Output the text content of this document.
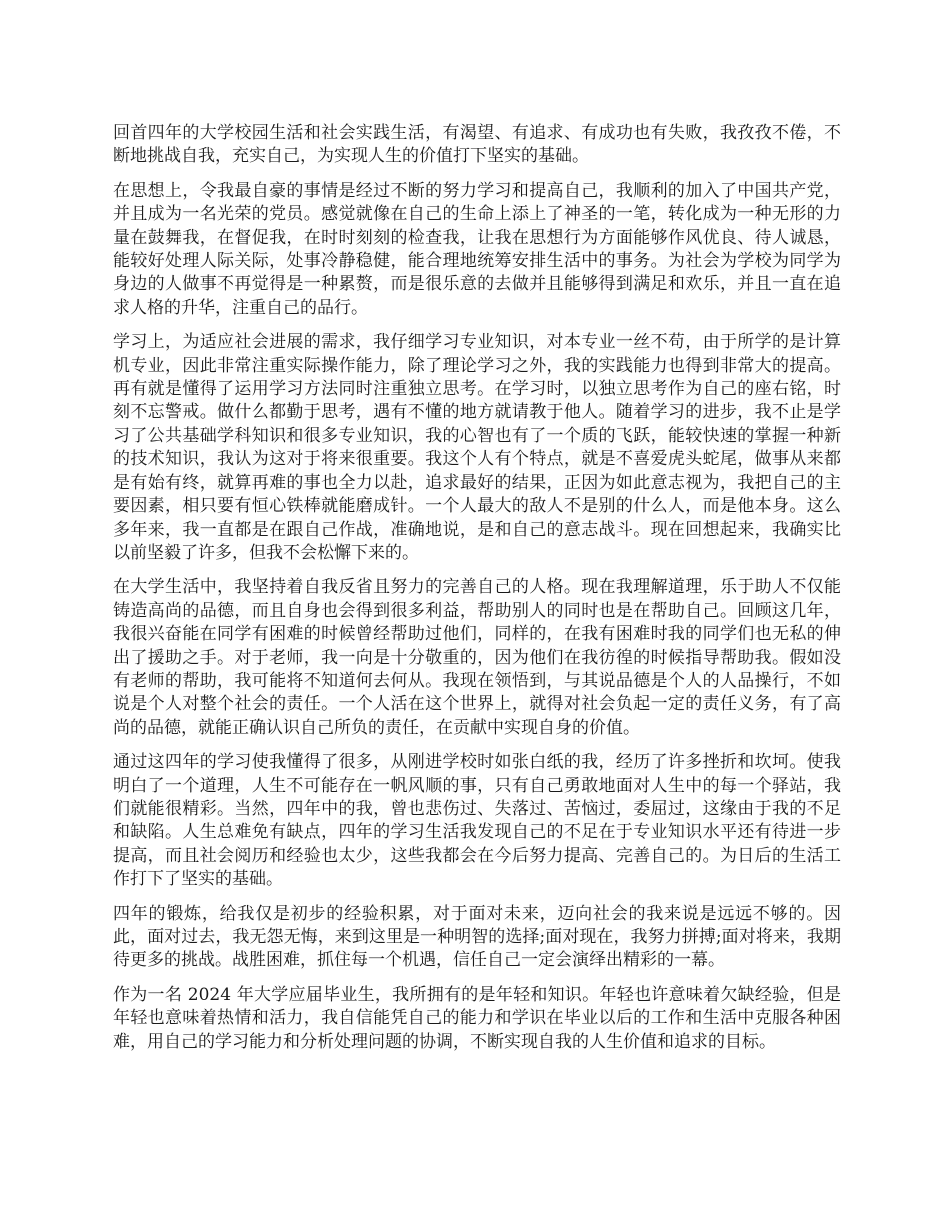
回首四年的大学校园生活和社会实践生活，有渴望、有追求、有成功也有失败，我孜孜不倦，不断地挑战自我，充实自己，为实现人生的价值打下坚实的基础。

在思想上，令我最自豪的事情是经过不断的努力学习和提高自己，我顺利的加入了中国共产党，并且成为一名光荣的党员。感觉就像在自己的生命上添上了神圣的一笔，转化成为一种无形的力量在鼓舞我，在督促我，在时时刻刻的检查我，让我在思想行为方面能够作风优良、待人诚恳，能较好处理人际关际，处事冷静稳健，能合理地统筹安排生活中的事务。为社会为学校为同学为身边的人做事不再觉得是一种累赘，而是很乐意的去做并且能够得到满足和欢乐，并且一直在追求人格的升华，注重自己的品行。

学习上，为适应社会进展的需求，我仔细学习专业知识，对本专业一丝不苟，由于所学的是计算机专业，因此非常注重实际操作能力，除了理论学习之外，我的实践能力也得到非常大的提高。再有就是懂得了运用学习方法同时注重独立思考。在学习时，以独立思考作为自己的座右铭，时刻不忘警戒。做什么都勤于思考，遇有不懂的地方就请教于他人。随着学习的进步，我不止是学习了公共基础学科知识和很多专业知识，我的心智也有了一个质的飞跃，能较快速的掌握一种新的技术知识，我认为这对于将来很重要。我这个人有个特点，就是不喜爱虎头蛇尾，做事从来都是有始有终，就算再难的事也全力以赴，追求最好的结果，正因为如此意志视为，我把自己的主要因素，相只要有恒心铁棒就能磨成针。一个人最大的敌人不是别的什么人，而是他本身。这么多年来，我一直都是在跟自己作战，准确地说，是和自己的意志战斗。现在回想起来，我确实比以前坚毅了许多，但我不会松懈下来的。

在大学生活中，我坚持着自我反省且努力的完善自己的人格。现在我理解道理，乐于助人不仅能铸造高尚的品德，而且自身也会得到很多利益，帮助别人的同时也是在帮助自己。回顾这几年，我很兴奋能在同学有困难的时候曾经帮助过他们，同样的，在我有困难时我的同学们也无私的伸出了援助之手。对于老师，我一向是十分敬重的，因为他们在我彷徨的时候指导帮助我。假如没有老师的帮助，我可能将不知道何去何从。我现在领悟到，与其说品德是个人的人品操行，不如说是个人对整个社会的责任。一个人活在这个世界上，就得对社会负起一定的责任义务，有了高尚的品德，就能正确认识自己所负的责任，在贡献中实现自身的价值。

通过这四年的学习使我懂得了很多，从刚进学校时如张白纸的我，经历了许多挫折和坎坷。使我明白了一个道理，人生不可能存在一帆风顺的事，只有自己勇敢地面对人生中的每一个驿站，我们就能很精彩。当然，四年中的我，曾也悲伤过、失落过、苦恼过，委屈过，这缘由于我的不足和缺陷。人生总难免有缺点，四年的学习生活我发现自己的不足在于专业知识水平还有待进一步提高，而且社会阅历和经验也太少，这些我都会在今后努力提高、完善自己的。为日后的生活工作打下了坚实的基础。

四年的锻炼，给我仅是初步的经验积累，对于面对未来，迈向社会的我来说是远远不够的。因此，面对过去，我无怨无悔，来到这里是一种明智的选择;面对现在，我努力拼搏;面对将来，我期待更多的挑战。战胜困难，抓住每一个机遇，信任自己一定会演绎出精彩的一幕。

作为一名 2024 年大学应届毕业生，我所拥有的是年轻和知识。年轻也许意味着欠缺经验，但是年轻也意味着热情和活力，我自信能凭自己的能力和学识在毕业以后的工作和生活中克服各种困难，用自己的学习能力和分析处理问题的协调，不断实现自我的人生价值和追求的目标。
